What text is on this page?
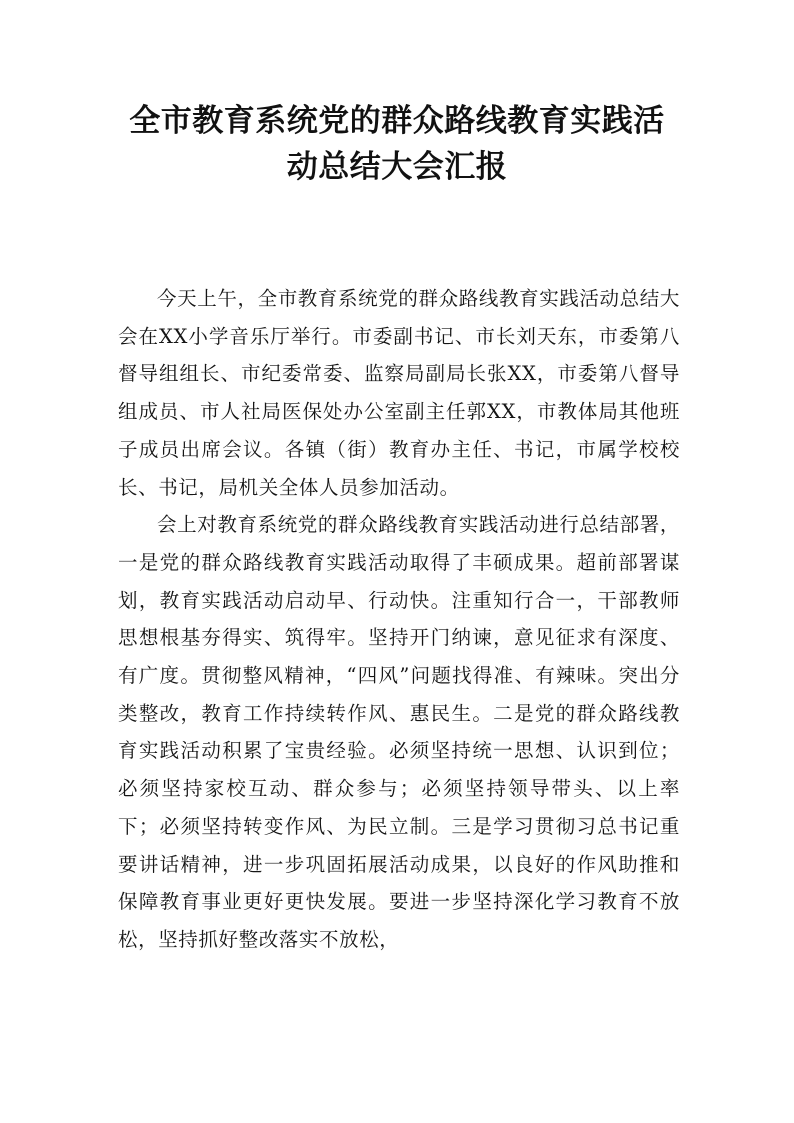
全市教育系统党的群众路线教育实践活
动总结大会汇报

今天上午，全市教育系统党的群众路线教育实践活动总结大会在XX小学音乐厅举行。市委副书记、市长刘天东，市委第八督导组组长、市纪委常委、监察局副局长张XX，市委第八督导组成员、市人社局医保处办公室副主任郭XX，市教体局其他班子成员出席会议。各镇（街）教育办主任、书记，市属学校校长、书记，局机关全体人员参加活动。

会上对教育系统党的群众路线教育实践活动进行总结部署，一是党的群众路线教育实践活动取得了丰硕成果。超前部署谋划，教育实践活动启动早、行动快。注重知行合一，干部教师思想根基夯得实、筑得牢。坚持开门纳谏，意见征求有深度、有广度。贯彻整风精神，“四风”问题找得准、有辣味。突出分类整改，教育工作持续转作风、惠民生。二是党的群众路线教育实践活动积累了宝贵经验。必须坚持统一思想、认识到位；必须坚持家校互动、群众参与；必须坚持领导带头、以上率下；必须坚持转变作风、为民立制。三是学习贯彻习总书记重要讲话精神，进一步巩固拓展活动成果，以良好的作风助推和保障教育事业更好更快发展。要进一步坚持深化学习教育不放松，坚持抓好整改落实不放松，
